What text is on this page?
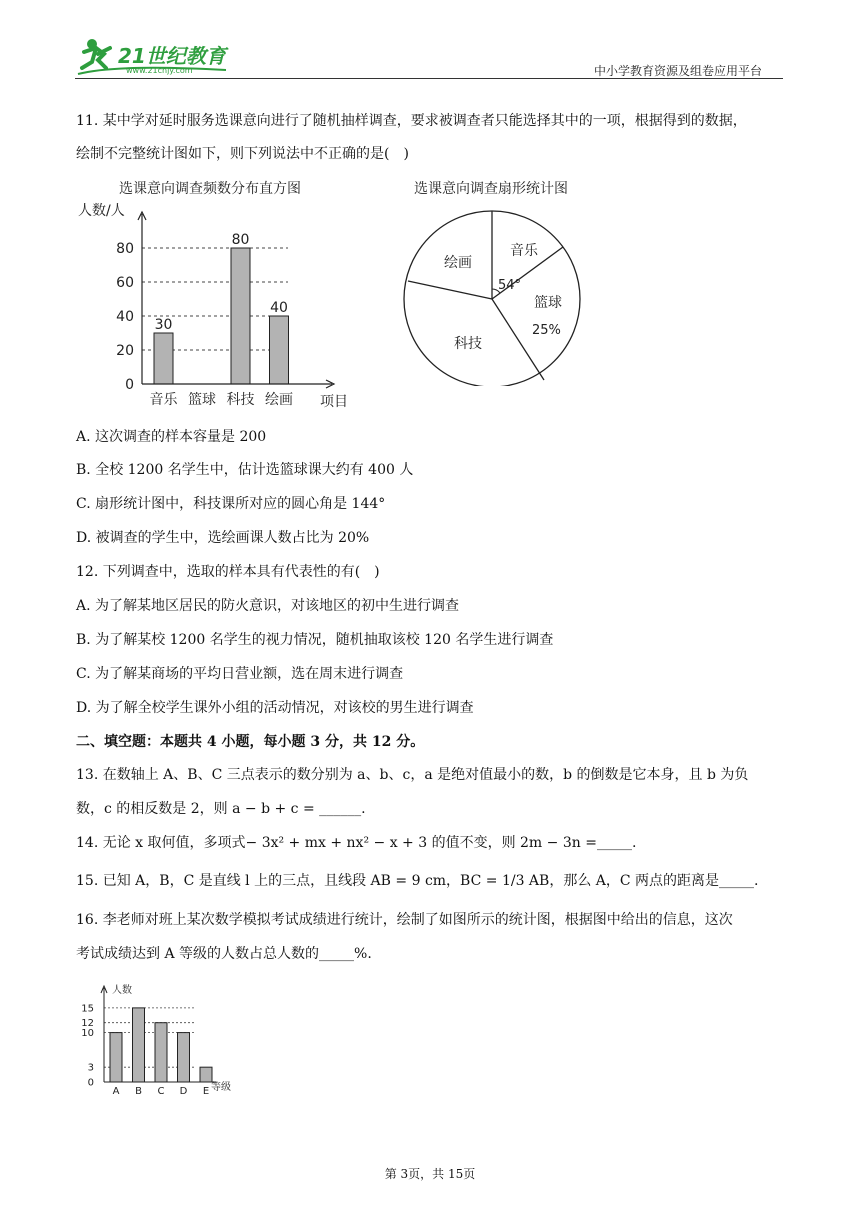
21世纪教育
www.21cnjy.com	中小学教育资源及组卷应用平台
11. 某中学对延时服务选课意向进行了随机抽样调查，要求被调查者只能选择其中的一项，根据得到的数据，
绘制不完整统计图如下，则下列说法中不正确的是(　)
选课意向调查频数分布直方图
人数/人
0
20
40
60
80
音乐 篮球 科技 绘画
30
80
40
项目
选课意向调查扇形统计图
音乐
篮球
科技
绘画
54°
25%
A. 这次调查的样本容量是 200
B. 全校 1200 名学生中，估计选篮球课大约有 400 人
C. 扇形统计图中，科技课所对应的圆心角是 144°
D. 被调查的学生中，选绘画课人数占比为 20%
12. 下列调查中，选取的样本具有代表性的有(　)
A. 为了解某地区居民的防火意识，对该地区的初中生进行调查
B. 为了解某校 1200 名学生的视力情况，随机抽取该校 120 名学生进行调查
C. 为了解某商场的平均日营业额，选在周末进行调查
D. 为了解全校学生课外小组的活动情况，对该校的男生进行调查
二、填空题：本题共 4 小题，每小题 3 分，共 12 分。
13. 在数轴上 A、B、C 三点表示的数分别为 a、b、c，a 是绝对值最小的数，b 的倒数是它本身，且 b 为负
数，c 的相反数是 2，则 a − b + c = ______.
14. 无论 x 取何值，多项式− 3x² + mx + nx² − x + 3 的值不变，则 2m − 3n =_____.
15. 已知 A，B，C 是直线 l 上的三点，且线段 AB = 9 cm，BC = 1/3 AB，那么 A，C 两点的距离是_____.
16. 李老师对班上某次数学模拟考试成绩进行统计，绘制了如图所示的统计图，根据图中给出的信息，这次
考试成绩达到 A 等级的人数占总人数的_____%.
人数
0
3
10
12
15
A B C D E 等级
第 3页，共 15页
